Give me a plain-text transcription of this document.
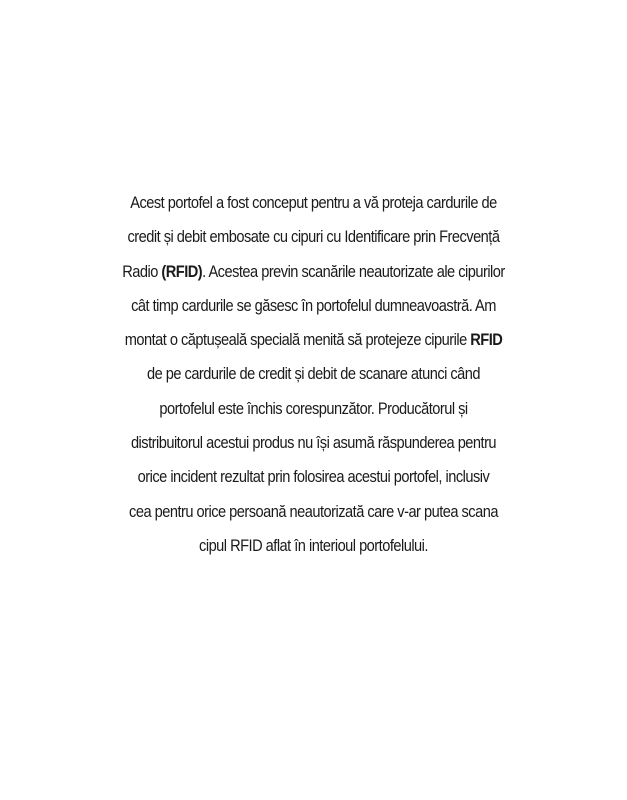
Acest portofel a fost conceput pentru a vă proteja cardurile de
credit și debit embosate cu cipuri cu Identificare prin Frecvență
Radio (RFID). Acestea previn scanările neautorizate ale cipurilor
cât timp cardurile se găsesc în portofelul dumneavoastră. Am
montat o căptușeală specială menită să protejeze cipurile RFID
de pe cardurile de credit și debit de scanare atunci când
portofelul este închis corespunzător. Producătorul și
distribuitorul acestui produs nu își asumă răspunderea pentru
orice incident rezultat prin folosirea acestui portofel, inclusiv
cea pentru orice persoană neautorizată care v-ar putea scana
cipul RFID aflat în interioul portofelului.
